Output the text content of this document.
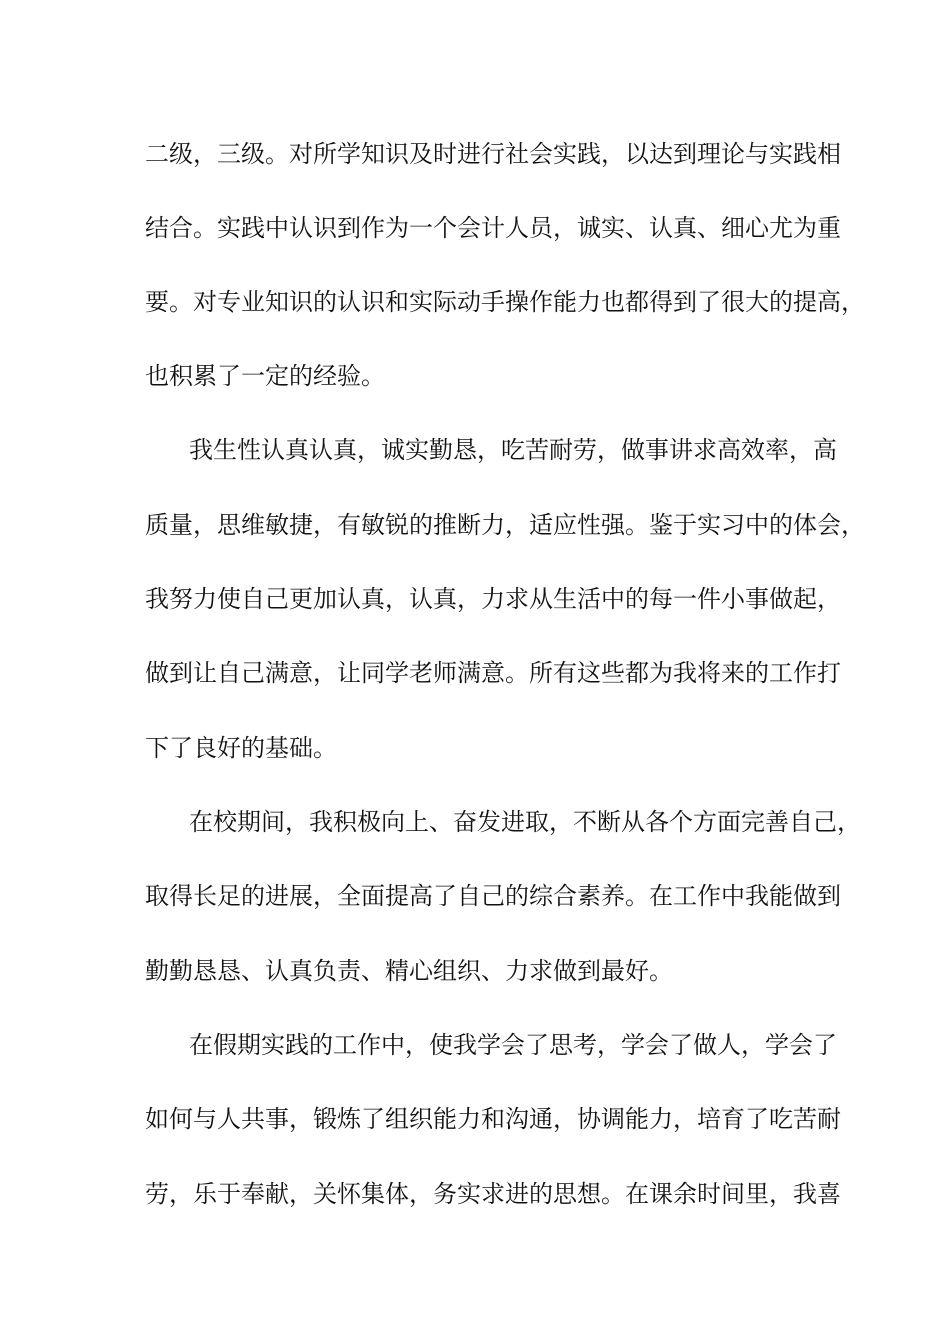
二级，三级。对所学知识及时进行社会实践，以达到理论与实践相

结合。实践中认识到作为一个会计人员，诚实、认真、细心尤为重

要。对专业知识的认识和实际动手操作能力也都得到了很大的提高，

也积累了一定的经验。

我生性认真认真，诚实勤恳，吃苦耐劳，做事讲求高效率，高

质量，思维敏捷，有敏锐的推断力，适应性强。鉴于实习中的体会，

我努力使自己更加认真，认真，力求从生活中的每一件小事做起，

做到让自己满意，让同学老师满意。所有这些都为我将来的工作打

下了良好的基础。

在校期间，我积极向上、奋发进取，不断从各个方面完善自己，

取得长足的进展，全面提高了自己的综合素养。在工作中我能做到

勤勤恳恳、认真负责、精心组织、力求做到最好。

在假期实践的工作中，使我学会了思考，学会了做人，学会了

如何与人共事，锻炼了组织能力和沟通，协调能力，培育了吃苦耐

劳，乐于奉献，关怀集体，务实求进的思想。在课余时间里，我喜
